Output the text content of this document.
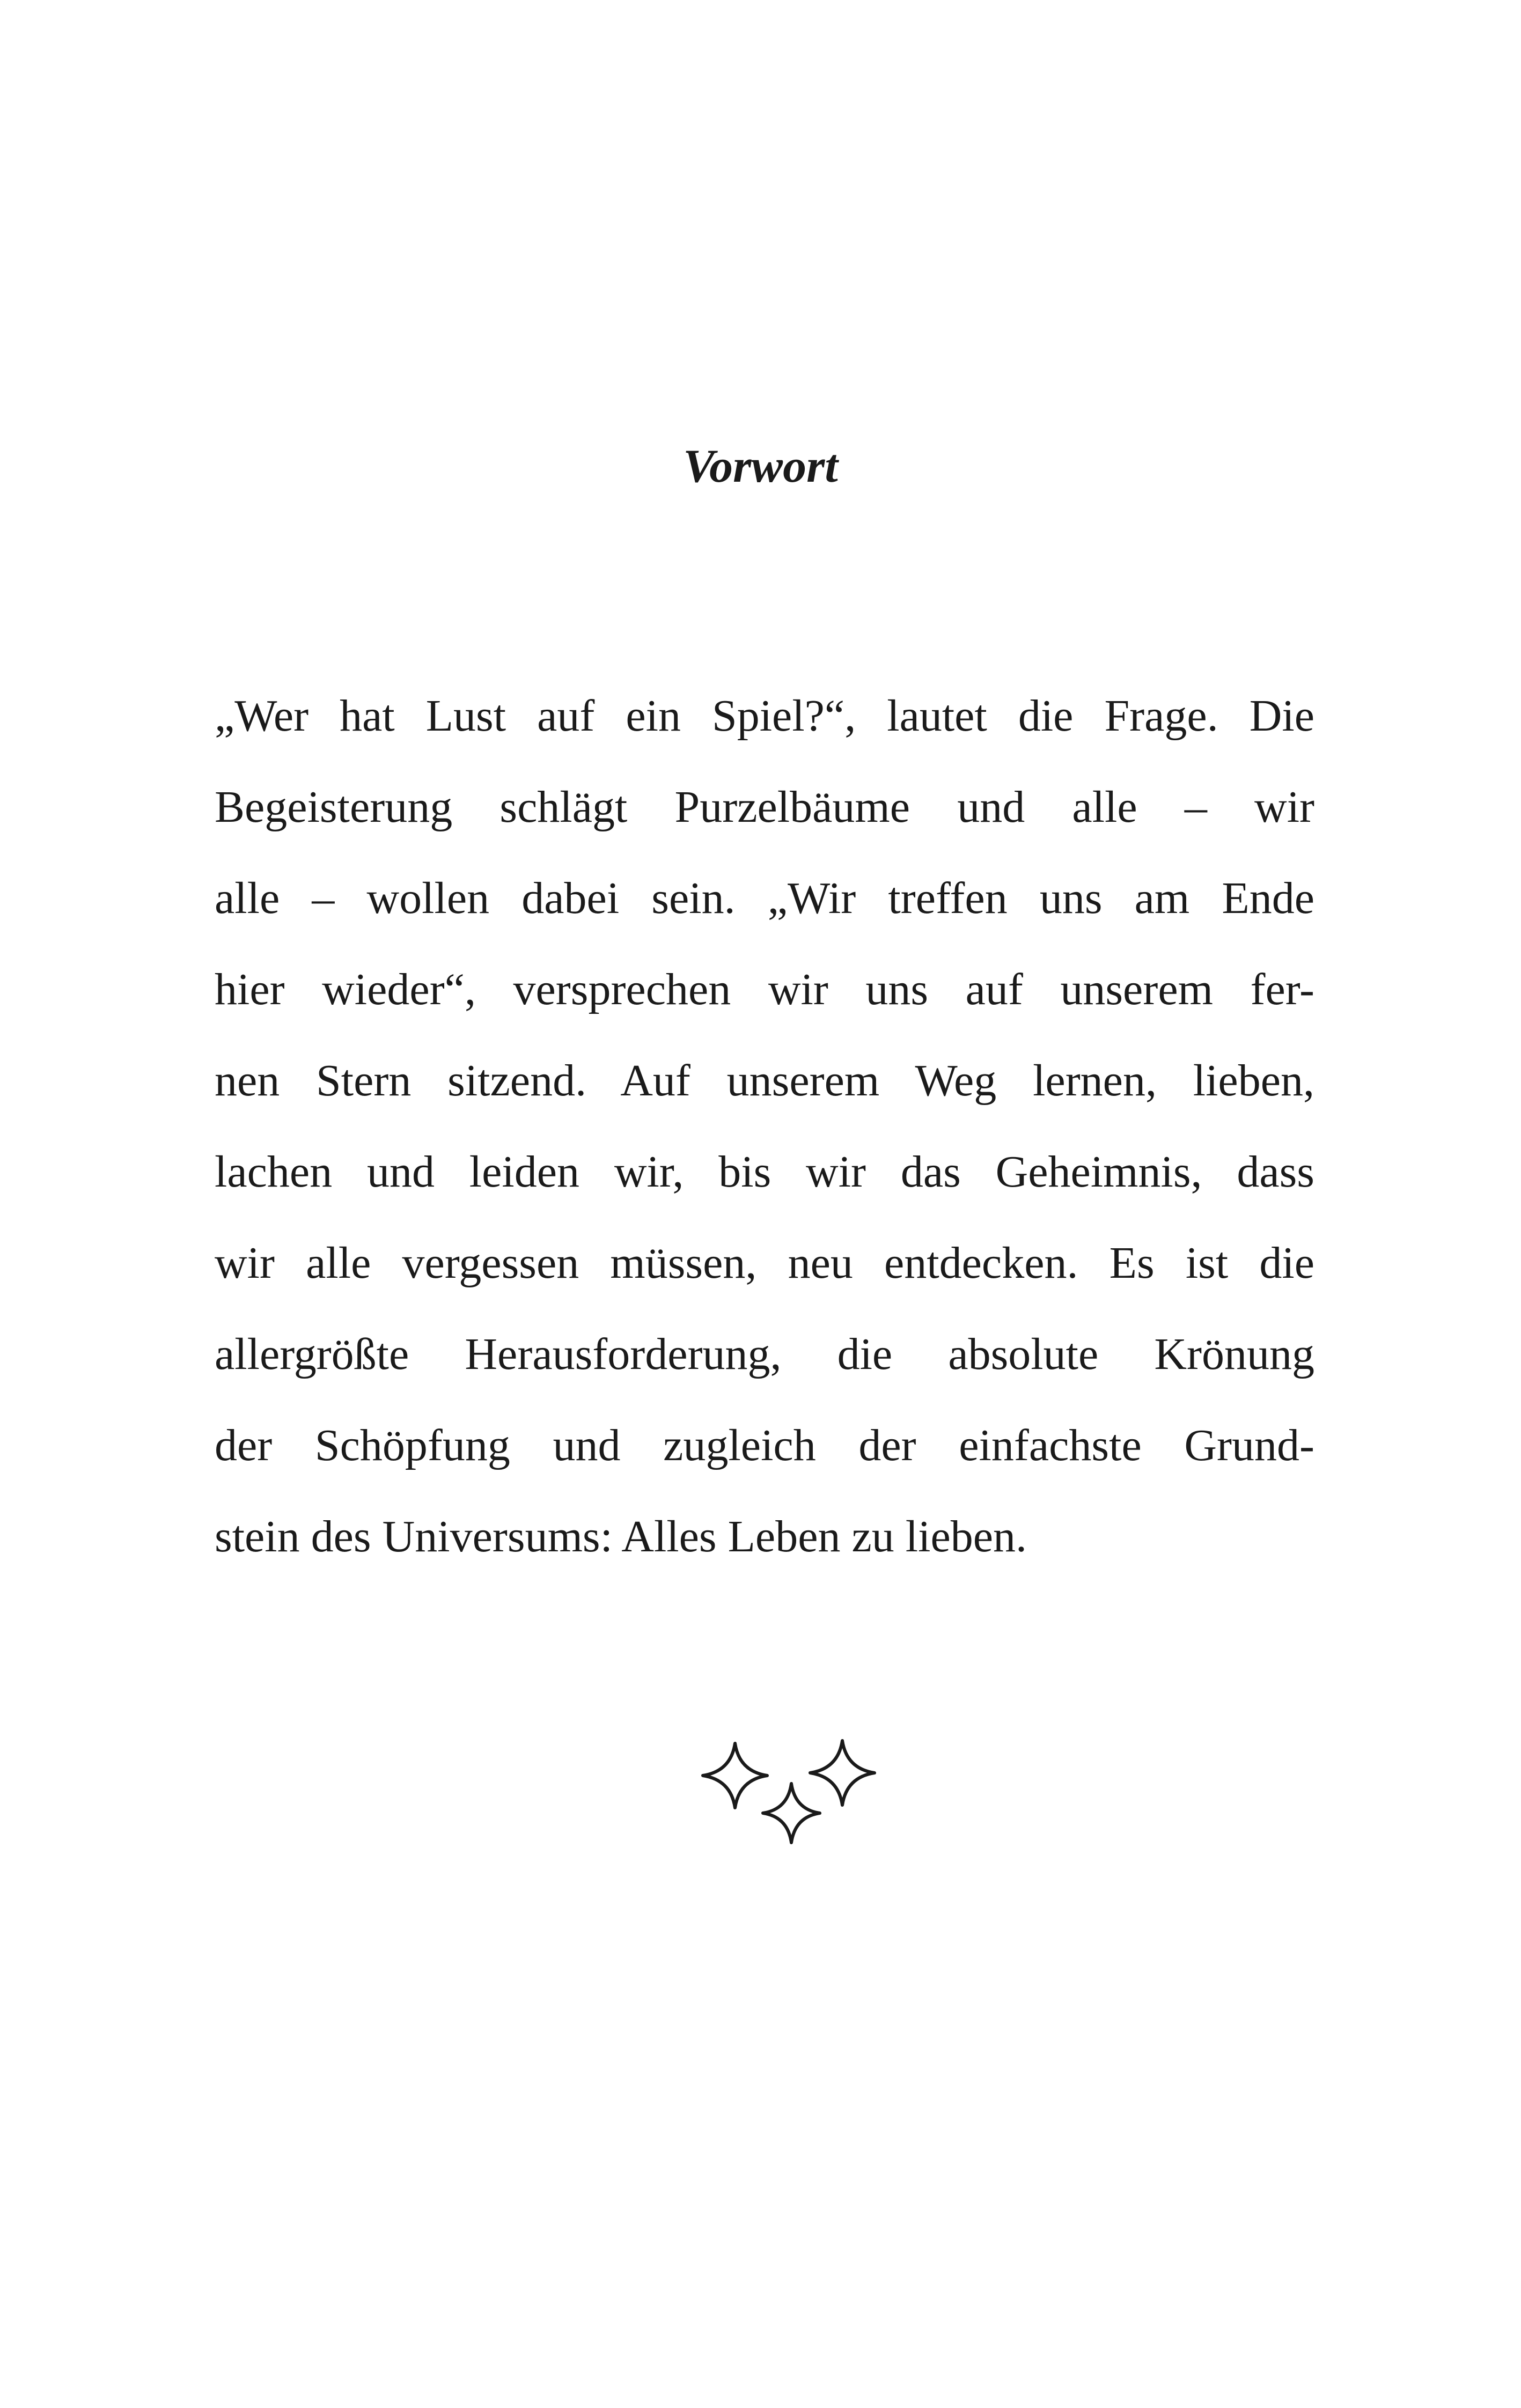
Vorwort
„Wer hat Lust auf ein Spiel?“, lautet die Frage. Die
Begeisterung schlägt Purzelbäume und alle – wir
alle – wollen dabei sein. „Wir treffen uns am Ende
hier wieder“, versprechen wir uns auf unserem fer-
nen Stern sitzend. Auf unserem Weg lernen, lieben,
lachen und leiden wir, bis wir das Geheimnis, dass
wir alle vergessen müssen, neu entdecken. Es ist die
allergrößte Herausforderung, die absolute Krönung
der Schöpfung und zugleich der einfachste Grund-
stein des Universums: Alles Leben zu lieben.
